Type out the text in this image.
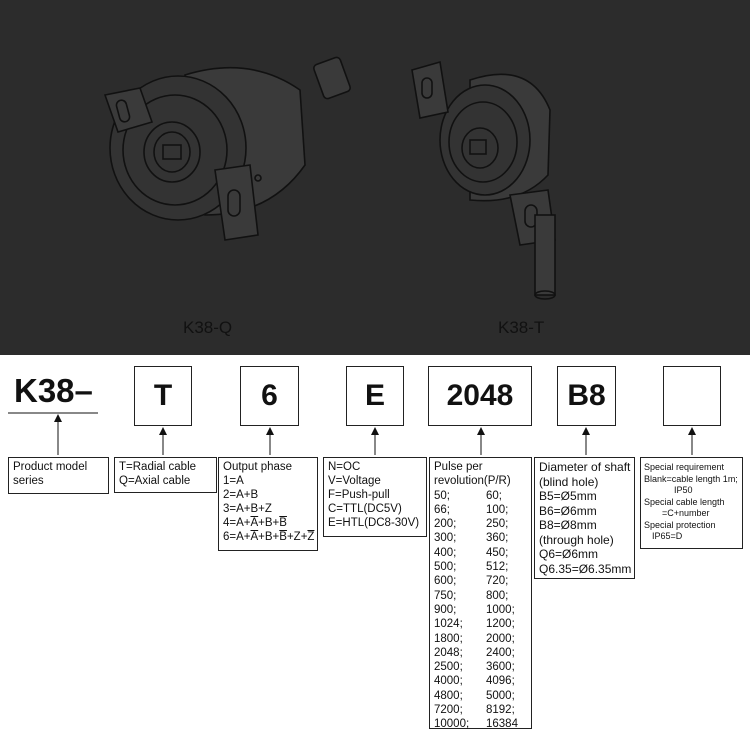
K38-Q	K38-T
K38–	T	6	E	2048	B8
Product model
series
T=Radial cable
Q=Axial cable
Output phase
1=A
2=A+B
3=A+B+Z
$4=A+\overline{A}+B+\overline{B}$
$6=A+\overline{A}+B+\overline{B}+Z+\overline{Z}$
N=OC
V=Voltage
F=Push-pull
C=TTL(DC5V)
E=HTL(DC8-30V)
Pulse per
revolution(P/R)
50;	60;
66;	100;
200;	250;
300;	360;
400;	450;
500;	512;
600;	720;
750;	800;
900;	1000;
1024;	1200;
1800;	2000;
2048;	2400;
2500;	3600;
4000;	4096;
4800;	5000;
7200;	8192;
10000;	16384
Diameter of shaft
(blind hole)
B5=Ø5mm
B6=Ø6mm
B8=Ø8mm
(through hole)
Q6=Ø6mm
Q6.35=Ø6.35mm
Special requirement
Blank=cable length 1m;
IP50
Special cable length
=C+number
Special protection
IP65=D
